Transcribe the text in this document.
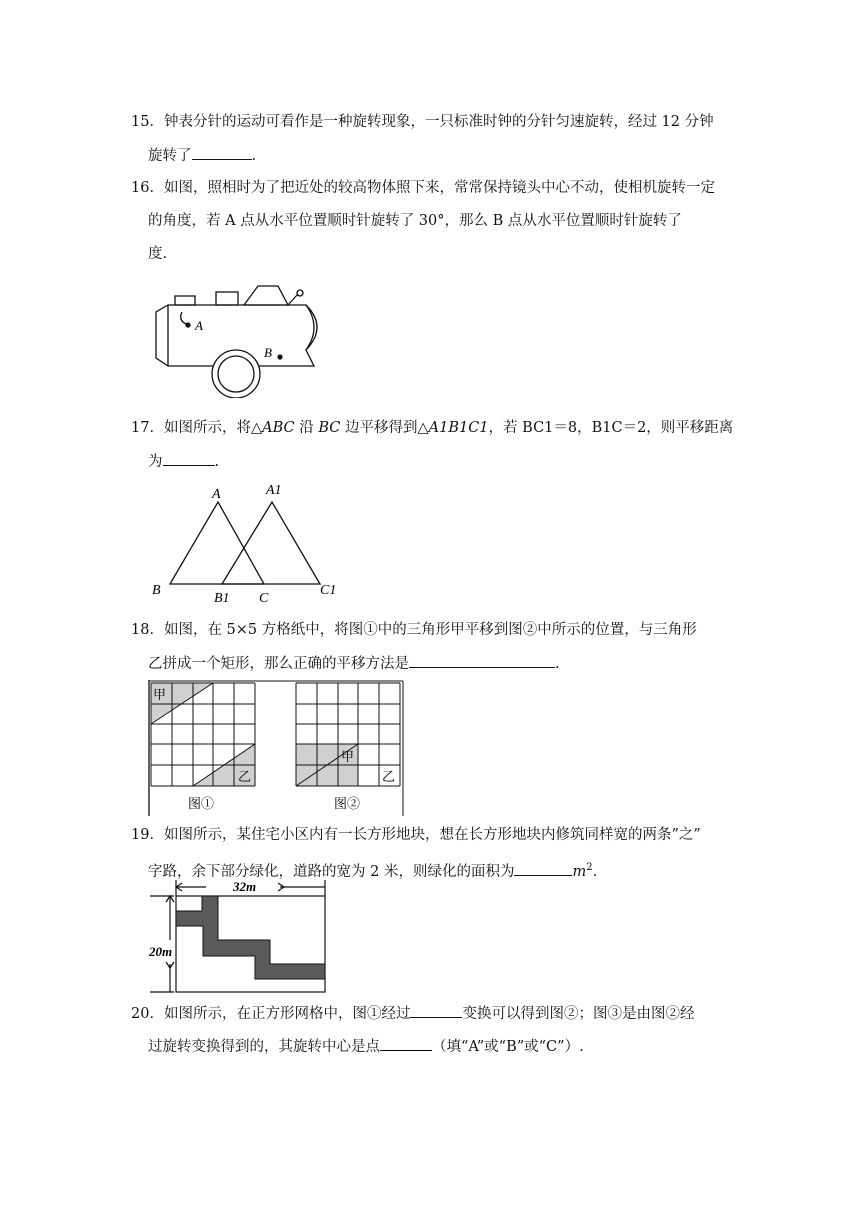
15．钟表分针的运动可看作是一种旋转现象，一只标准时钟的分针匀速旋转，经过 12 分钟
旋转了	.
16．如图，照相时为了把近处的较高物体照下来，常常保持镜头中心不动，使相机旋转一定
的角度，若 A 点从水平位置顺时针旋转了 30°，那么 B 点从水平位置顺时针旋转了
度.
A
B
17．如图所示，将△ABC 沿 BC 边平移得到△A1B1C1，若 BC1＝8，B1C＝2，则平移距离
为	.
A	A1
B
B1 C
C1
18．如图，在 5×5 方格纸中，将图①中的三角形甲平移到图②中所示的位置，与三角形
乙拼成一个矩形，那么正确的平移方法是	.
甲
乙
图①
甲
乙
图②
19．如图所示，某住宅小区内有一长方形地块，想在长方形地块内修筑同样宽的两条”之”
字路，余下部分绿化，道路的宽为 2 米，则绿化的面积为	$m^2$.
32m
20m
20．如图所示，在正方形网格中，图①经过	变换可以得到图②；图③是由图②经
过旋转变换得到的，其旋转中心是点	（填“A”或“B”或“C”）.
